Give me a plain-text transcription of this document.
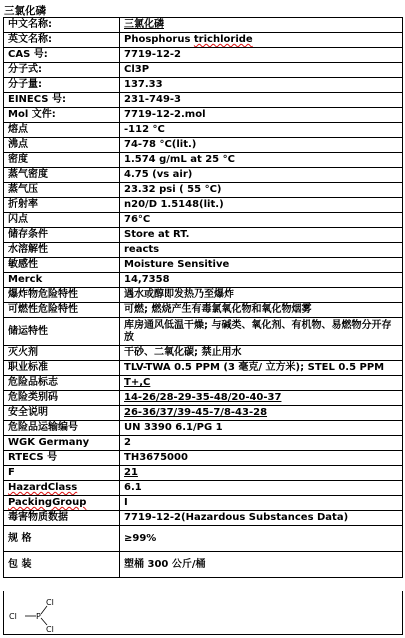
三氯化磷
中文名称:	三氯化磷
英文名称:	Phosphorus trichloride
CAS 号:	7719-12-2
分子式:	Cl3P
分子量:	137.33
EINECS 号:	231-749-3
Mol 文件:	7719-12-2.mol
熔点	-112 °C
沸点	74-78 °C(lit.)
密度	1.574 g/mL at 25 °C
蒸气密度	4.75 (vs air)
蒸气压	23.32 psi ( 55 °C)
折射率	n20/D 1.5148(lit.)
闪点	76°C
储存条件	Store at RT.
水溶解性	reacts
敏感性	Moisture Sensitive
Merck	14,7358
爆炸物危险特性	遇水或醇即发热乃至爆炸
可燃性危险特性	可燃; 燃烧产生有毒氯氧化物和氧化物烟雾
储运特性	库房通风低温干燥; 与碱类、氧化剂、有机物、易燃物分开存放
灭火剂	干砂、二氧化碳; 禁止用水
职业标准	TLV-TWA 0.5 PPM (3 毫克/ 立方米); STEL 0.5 PPM
危险品标志	T+,C
危险类别码	14-26/28-29-35-48/20-40-37
安全说明	26-36/37/39-45-7/8-43-28
危险品运输编号	UN 3390 6.1/PG 1
WGK Germany	2
RTECS 号	TH3675000
F	21
HazardClass	6.1
PackingGroup	I
毒害物质数据	7719-12-2(Hazardous Substances Data)
规 格	≥99%
包 装	塑桶 300 公斤/桶
Cl P
Cl
Cl
